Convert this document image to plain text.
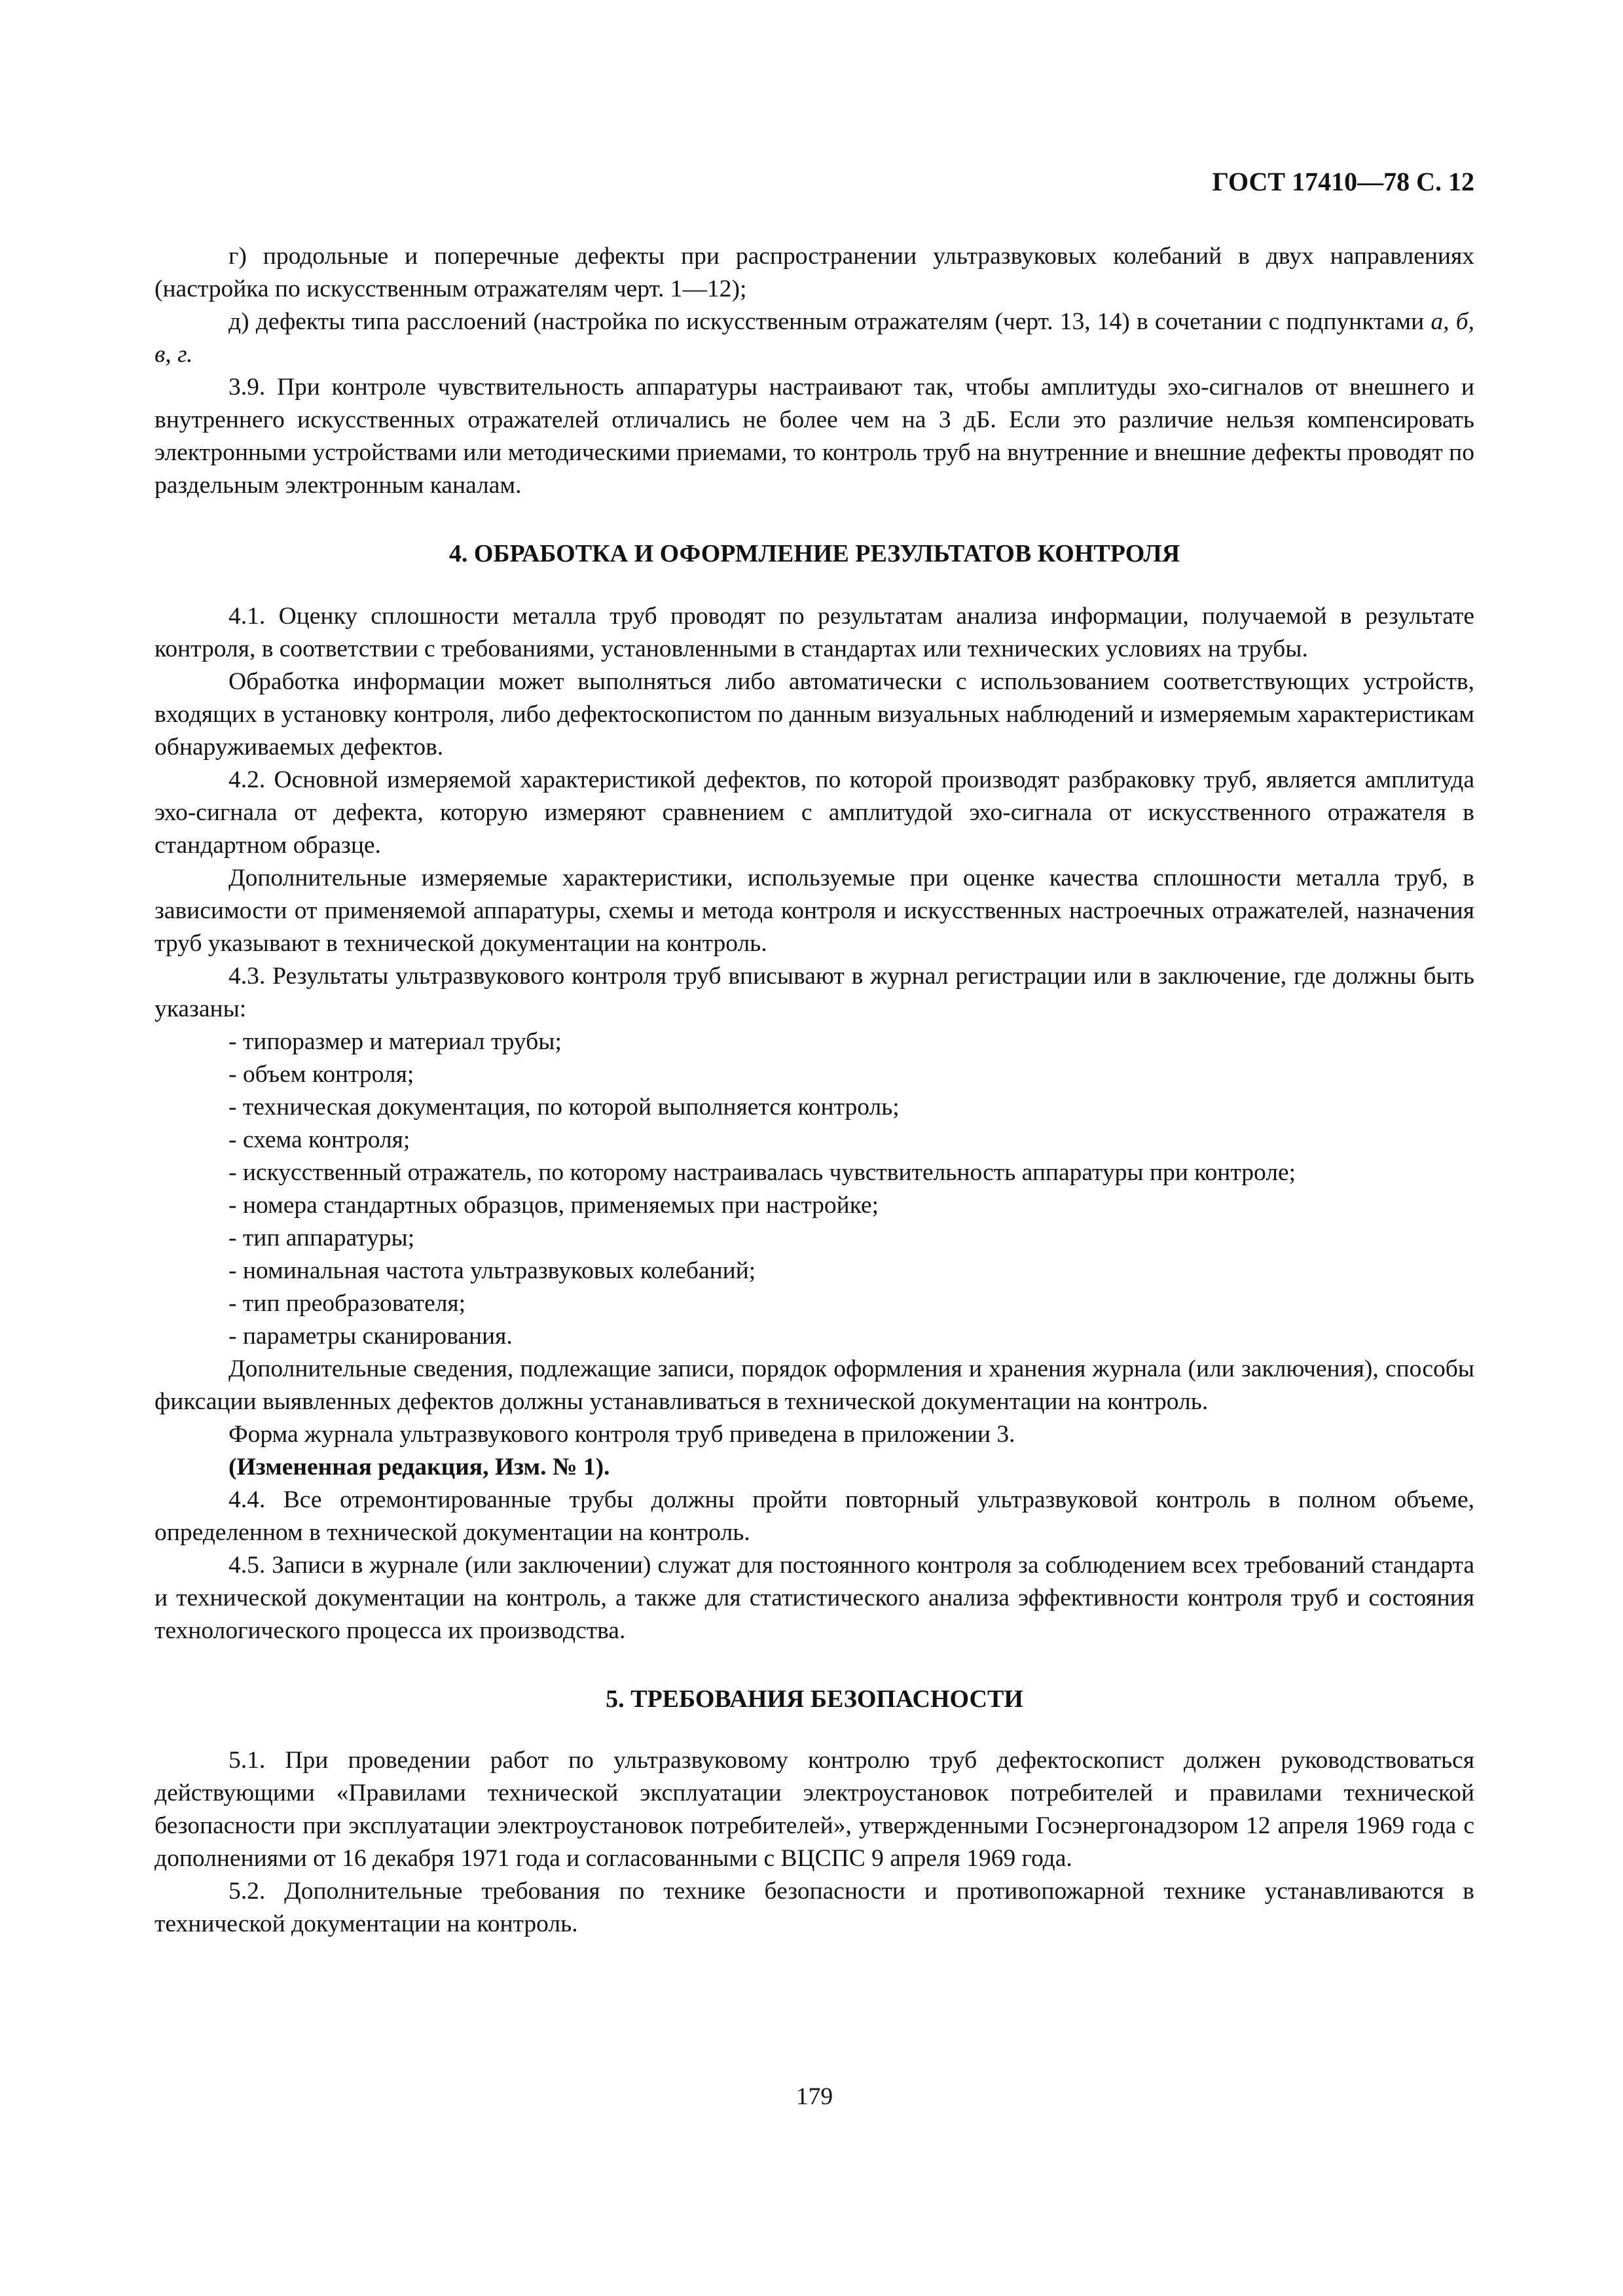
ГОСТ 17410—78 С. 12

г) продольные и поперечные дефекты при распространении ультразвуковых колебаний в двух направлениях (настройка по искусственным отражателям черт. 1—12);

д) дефекты типа расслоений (настройка по искусственным отражателям (черт. 13, 14) в сочетании с подпунктами а, б, в, г.

3.9. При контроле чувствительность аппаратуры настраивают так, чтобы амплитуды эхо-сигналов от внешнего и внутреннего искусственных отражателей отличались не более чем на 3 дБ. Если это различие нельзя компенсировать электронными устройствами или методическими приемами, то контроль труб на внутренние и внешние дефекты проводят по раздельным электронным каналам.

4. ОБРАБОТКА И ОФОРМЛЕНИЕ РЕЗУЛЬТАТОВ КОНТРОЛЯ

4.1. Оценку сплошности металла труб проводят по результатам анализа информации, получаемой в результате контроля, в соответствии с требованиями, установленными в стандартах или технических условиях на трубы.

Обработка информации может выполняться либо автоматически с использованием соответствующих устройств, входящих в установку контроля, либо дефектоскопистом по данным визуальных наблюдений и измеряемым характеристикам обнаруживаемых дефектов.

4.2. Основной измеряемой характеристикой дефектов, по которой производят разбраковку труб, является амплитуда эхо-сигнала от дефекта, которую измеряют сравнением с амплитудой эхо-сигнала от искусственного отражателя в стандартном образце.

Дополнительные измеряемые характеристики, используемые при оценке качества сплошности металла труб, в зависимости от применяемой аппаратуры, схемы и метода контроля и искусственных настроечных отражателей, назначения труб указывают в технической документации на контроль.

4.3. Результаты ультразвукового контроля труб вписывают в журнал регистрации или в заключение, где должны быть указаны:

- типоразмер и материал трубы;

- объем контроля;

- техническая документация, по которой выполняется контроль;

- схема контроля;

- искусственный отражатель, по которому настраивалась чувствительность аппаратуры при контроле;

- номера стандартных образцов, применяемых при настройке;

- тип аппаратуры;

- номинальная частота ультразвуковых колебаний;

- тип преобразователя;

- параметры сканирования.

Дополнительные сведения, подлежащие записи, порядок оформления и хранения журнала (или заключения), способы фиксации выявленных дефектов должны устанавливаться в технической документации на контроль.

Форма журнала ультразвукового контроля труб приведена в приложении 3.

(Измененная редакция, Изм. № 1).

4.4. Все отремонтированные трубы должны пройти повторный ультразвуковой контроль в полном объеме, определенном в технической документации на контроль.

4.5. Записи в журнале (или заключении) служат для постоянного контроля за соблюдением всех требований стандарта и технической документации на контроль, а также для статистического анализа эффективности контроля труб и состояния технологического процесса их производства.

5. ТРЕБОВАНИЯ БЕЗОПАСНОСТИ

5.1. При проведении работ по ультразвуковому контролю труб дефектоскопист должен руководствоваться действующими «Правилами технической эксплуатации электроустановок потребителей и правилами технической безопасности при эксплуатации электроустановок потребителей», утвержденными Госэнергонадзором 12 апреля 1969 года с дополнениями от 16 декабря 1971 года и согласованными с ВЦСПС 9 апреля 1969 года.

5.2. Дополнительные требования по технике безопасности и противопожарной технике устанавливаются в технической документации на контроль.

179
